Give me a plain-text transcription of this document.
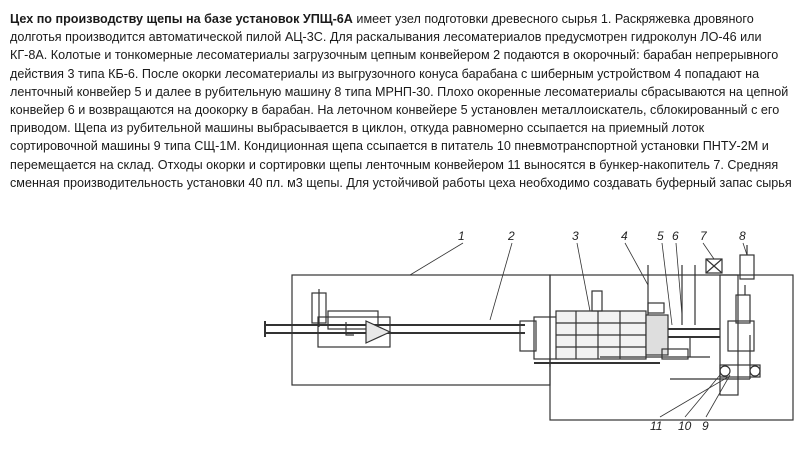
Цех по производству щепы на базе установок УПЩ-6А имеет узел подготовки древесного сырья 1. Раскряжевка дровяного долготья производится автоматической пилой АЦ-3С. Для раскалывания лесоматериалов предусмотрен гидроколун ЛО-46 или КГ-8А. Колотые и тонкомерные лесоматериалы загрузочным цепным конвейером 2 подаются в окорочный: барабан непрерывного действия 3 типа КБ-6. После окорки лесоматериалы из выгрузочного конуса барабана с шиберным устройством 4 попадают на ленточный конвейер 5 и далее в рубительную машину 8 типа МРНП-30. Плохо окоренные лесоматериалы сбрасываются на цепной конвейер 6 и возвращаются на доокорку в барабан. На леточном конвейере 5 установлен металлоискатель, сблокированный с его приводом. Щепа из рубительной машины выбрасывается в циклон, откуда равномерно ссыпается на приемный лоток сортировочной машины 9 типа СЩ-1М. Кондиционная щепа ссыпается в питатель 10 пневмотранспортной установки ПНТУ-2М и перемещается на склад. Отходы окорки и сортировки щепы ленточным конвейером 11 выносятся в бункер-накопитель 7. Средняя сменная производительность установки 40 пл. м3 щепы. Для устойчивой работы цеха необходимо создавать буферный запас сырья
1	2	3	4 5 6 7	8
11 10 9
